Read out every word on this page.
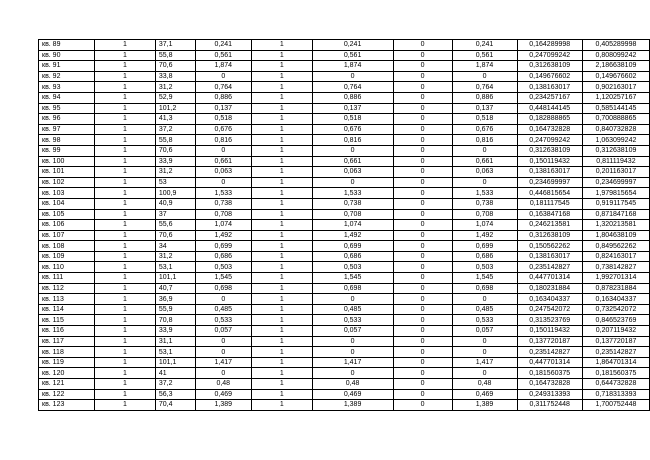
кв. 89	1	37,1	0,241	1	0,241	0	0,241	0,164289998	0,405289998
кв. 90	1	55,8	0,561	1	0,561	0	0,561	0,247099242	0,808099242
кв. 91	1	70,6	1,874	1	1,874	0	1,874	0,312638109	2,186638109
кв. 92	1	33,8	0	1	0	0	0	0,149676602	0,149676602
кв. 93	1	31,2	0,764	1	0,764	0	0,764	0,138163017	0,902163017
кв. 94	1	52,9	0,886	1	0,886	0	0,886	0,234257167	1,120257167
кв. 95	1	101,2	0,137	1	0,137	0	0,137	0,448144145	0,585144145
кв. 96	1	41,3	0,518	1	0,518	0	0,518	0,182888865	0,700888865
кв. 97	1	37,2	0,676	1	0,676	0	0,676	0,164732828	0,840732828
кв. 98	1	55,8	0,816	1	0,816	0	0,816	0,247099242	1,063099242
кв. 99	1	70,6	0	1	0	0	0	0,312638109	0,312638109
кв. 100	1	33,9	0,661	1	0,661	0	0,661	0,150119432	0,811119432
кв. 101	1	31,2	0,063	1	0,063	0	0,063	0,138163017	0,201163017
кв. 102	1	53	0	1	0	0	0	0,234699997	0,234699997
кв. 103	1	100,9	1,533	1	1,533	0	1,533	0,446815654	1,979815654
кв. 104	1	40,9	0,738	1	0,738	0	0,738	0,181117545	0,919117545
кв. 105	1	37	0,708	1	0,708	0	0,708	0,163847168	0,871847168
кв. 106	1	55,6	1,074	1	1,074	0	1,074	0,246213581	1,320213581
кв. 107	1	70,6	1,492	1	1,492	0	1,492	0,312638109	1,804638109
кв. 108	1	34	0,699	1	0,699	0	0,699	0,150562262	0,849562262
кв. 109	1	31,2	0,686	1	0,686	0	0,686	0,138163017	0,824163017
кв. 110	1	53,1	0,503	1	0,503	0	0,503	0,235142827	0,738142827
кв. 111	1	101,1	1,545	1	1,545	0	1,545	0,447701314	1,992701314
кв. 112	1	40,7	0,698	1	0,698	0	0,698	0,180231884	0,878231884
кв. 113	1	36,9	0	1	0	0	0	0,163404337	0,163404337
кв. 114	1	55,9	0,485	1	0,485	0	0,485	0,247542072	0,732542072
кв. 115	1	70,8	0,533	1	0,533	0	0,533	0,313523769	0,846523769
кв. 116	1	33,9	0,057	1	0,057	0	0,057	0,150119432	0,207119432
кв. 117	1	31,1	0	1	0	0	0	0,137720187	0,137720187
кв. 118	1	53,1	0	1	0	0	0	0,235142827	0,235142827
кв. 119	1	101,1	1,417	1	1,417	0	1,417	0,447701314	1,864701314
кв. 120	1	41	0	1	0	0	0	0,181560375	0,181560375
кв. 121	1	37,2	0,48	1	0,48	0	0,48	0,164732828	0,644732828
кв. 122	1	56,3	0,469	1	0,469	0	0,469	0,249313393	0,718313393
кв. 123	1	70,4	1,389	1	1,389	0	1,389	0,311752448	1,700752448
